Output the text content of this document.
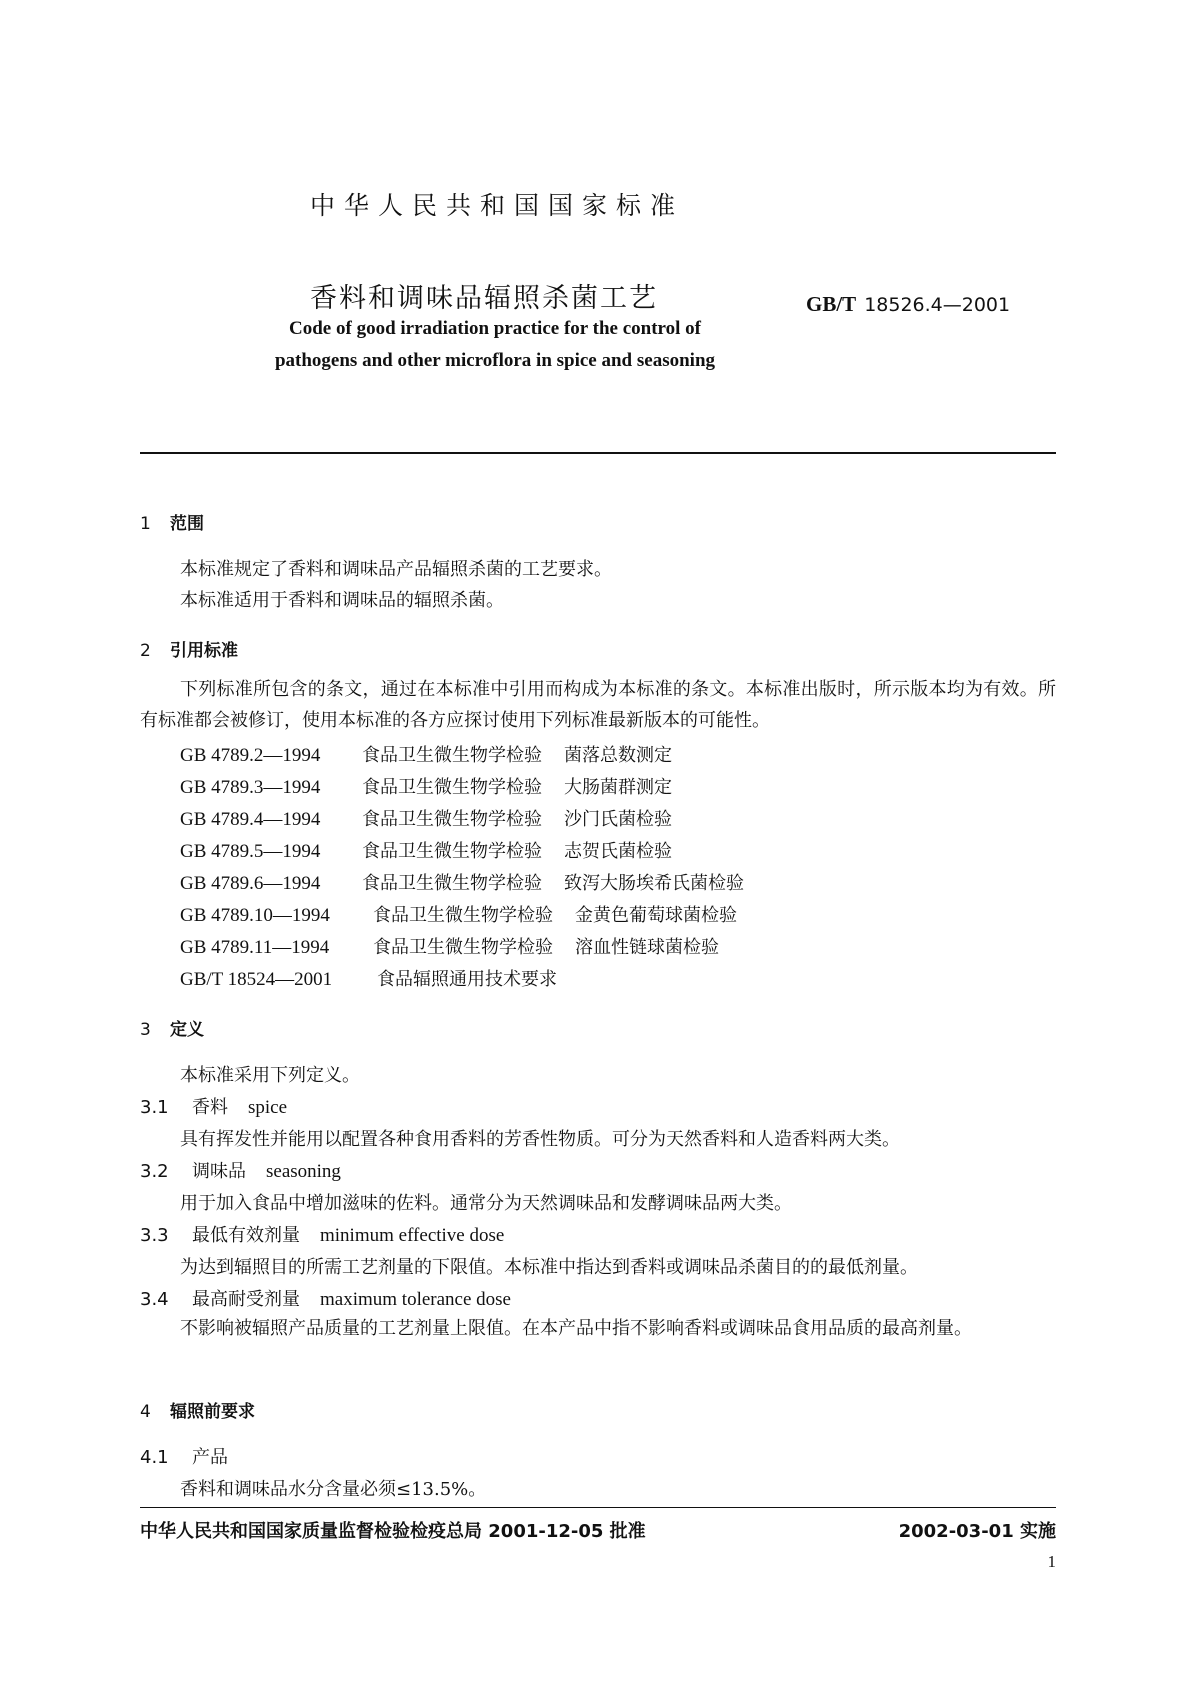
中华人民共和国国家标准
香料和调味品辐照杀菌工艺	GB/T 18526.4—2001
Code of good irradiation practice for the control of
pathogens and other microflora in spice and seasoning
1 范围
本标准规定了香料和调味品产品辐照杀菌的工艺要求。
本标准适用于香料和调味品的辐照杀菌。
2 引用标准
下列标准所包含的条文，通过在本标准中引用而构成为本标准的条文。本标准出版时，所示版本均为有效。所有标准都会被修订，使用本标准的各方应探讨使用下列标准最新版本的可能性。
GB 4789.2—1994 食品卫生微生物学检验 菌落总数测定
GB 4789.3—1994 食品卫生微生物学检验 大肠菌群测定
GB 4789.4—1994 食品卫生微生物学检验 沙门氏菌检验
GB 4789.5—1994 食品卫生微生物学检验 志贺氏菌检验
GB 4789.6—1994 食品卫生微生物学检验 致泻大肠埃希氏菌检验
GB 4789.10—1994 食品卫生微生物学检验 金黄色葡萄球菌检验
GB 4789.11—1994 食品卫生微生物学检验 溶血性链球菌检验
GB/T 18524—2001 食品辐照通用技术要求
3 定义
本标准采用下列定义。
3.1 香料 spice
具有挥发性并能用以配置各种食用香料的芳香性物质。可分为天然香料和人造香料两大类。
3.2 调味品 seasoning
用于加入食品中增加滋味的佐料。通常分为天然调味品和发酵调味品两大类。
3.3 最低有效剂量 minimum effective dose
为达到辐照目的所需工艺剂量的下限值。本标准中指达到香料或调味品杀菌目的的最低剂量。
3.4 最高耐受剂量 maximum tolerance dose
不影响被辐照产品质量的工艺剂量上限值。在本产品中指不影响香料或调味品食用品质的最高剂量。
4 辐照前要求
4.1 产品
香料和调味品水分含量必须≤13.5%。
中华人民共和国国家质量监督检验检疫总局 2001-12-05 批准	2002-03-01 实施
1
